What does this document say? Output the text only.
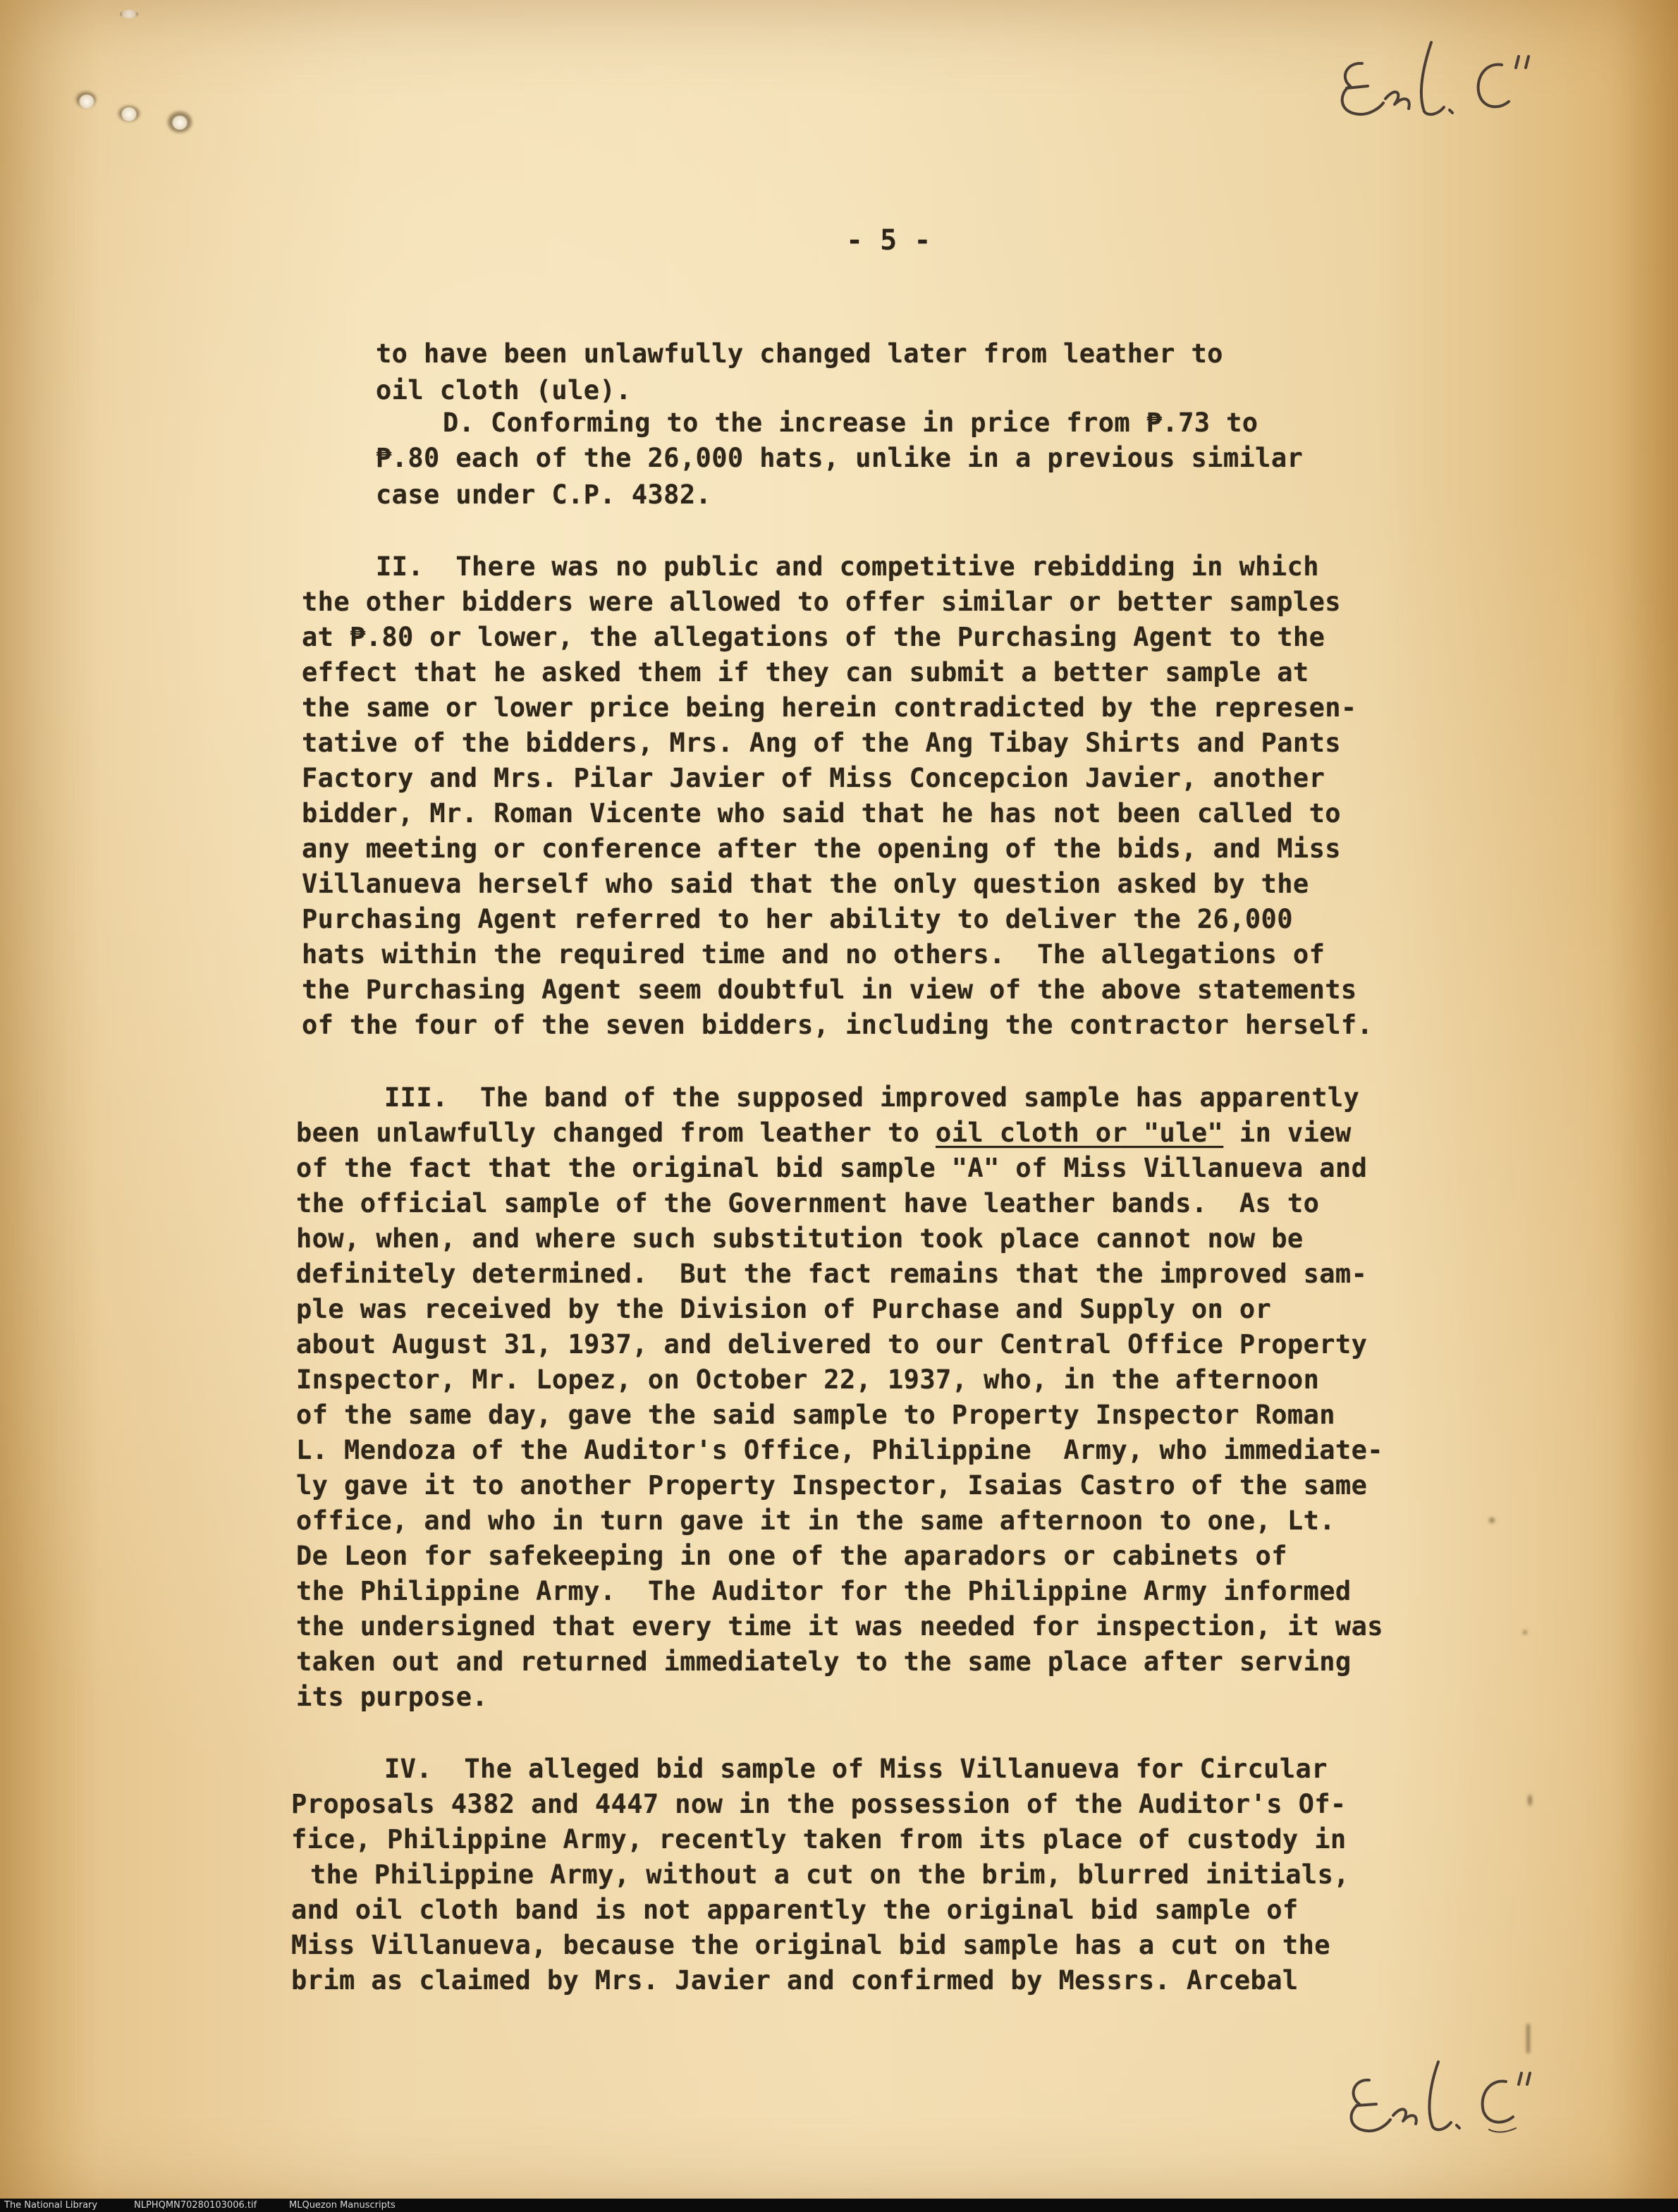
- 5 -
to have been unlawfully changed later from leather to
oil cloth (ule).
D. Conforming to the increase in price from ₱.73 to
₱.80 each of the 26,000 hats, unlike in a previous similar
case under C.P. 4382.
II.  There was no public and competitive rebidding in which
the other bidders were allowed to offer similar or better samples
at ₱.80 or lower, the allegations of the Purchasing Agent to the
effect that he asked them if they can submit a better sample at
the same or lower price being herein contradicted by the represen-
tative of the bidders, Mrs. Ang of the Ang Tibay Shirts and Pants
Factory and Mrs. Pilar Javier of Miss Concepcion Javier, another
bidder, Mr. Roman Vicente who said that he has not been called to
any meeting or conference after the opening of the bids, and Miss
Villanueva herself who said that the only question asked by the
Purchasing Agent referred to her ability to deliver the 26,000
hats within the required time and no others.  The allegations of
the Purchasing Agent seem doubtful in view of the above statements
of the four of the seven bidders, including the contractor herself.
III.  The band of the supposed improved sample has apparently
been unlawfully changed from leather to oil cloth or "ule" in view
of the fact that the original bid sample "A" of Miss Villanueva and
the official sample of the Government have leather bands.  As to
how, when, and where such substitution took place cannot now be
definitely determined.  But the fact remains that the improved sam-
ple was received by the Division of Purchase and Supply on or
about August 31, 1937, and delivered to our Central Office Property
Inspector, Mr. Lopez, on October 22, 1937, who, in the afternoon
of the same day, gave the said sample to Property Inspector Roman
L. Mendoza of the Auditor's Office, Philippine  Army, who immediate-
ly gave it to another Property Inspector, Isaias Castro of the same
office, and who in turn gave it in the same afternoon to one, Lt.
De Leon for safekeeping in one of the aparadors or cabinets of
the Philippine Army.  The Auditor for the Philippine Army informed
the undersigned that every time it was needed for inspection, it was
taken out and returned immediately to the same place after serving
its purpose.
IV.  The alleged bid sample of Miss Villanueva for Circular
Proposals 4382 and 4447 now in the possession of the Auditor's Of-
fice, Philippine Army, recently taken from its place of custody in
the Philippine Army, without a cut on the brim, blurred initials,
and oil cloth band is not apparently the original bid sample of
Miss Villanueva, because the original bid sample has a cut on the
brim as claimed by Mrs. Javier and confirmed by Messrs. Arcebal
The National Library	NLPHQMN70280103006.tif	MLQuezon Manuscripts
